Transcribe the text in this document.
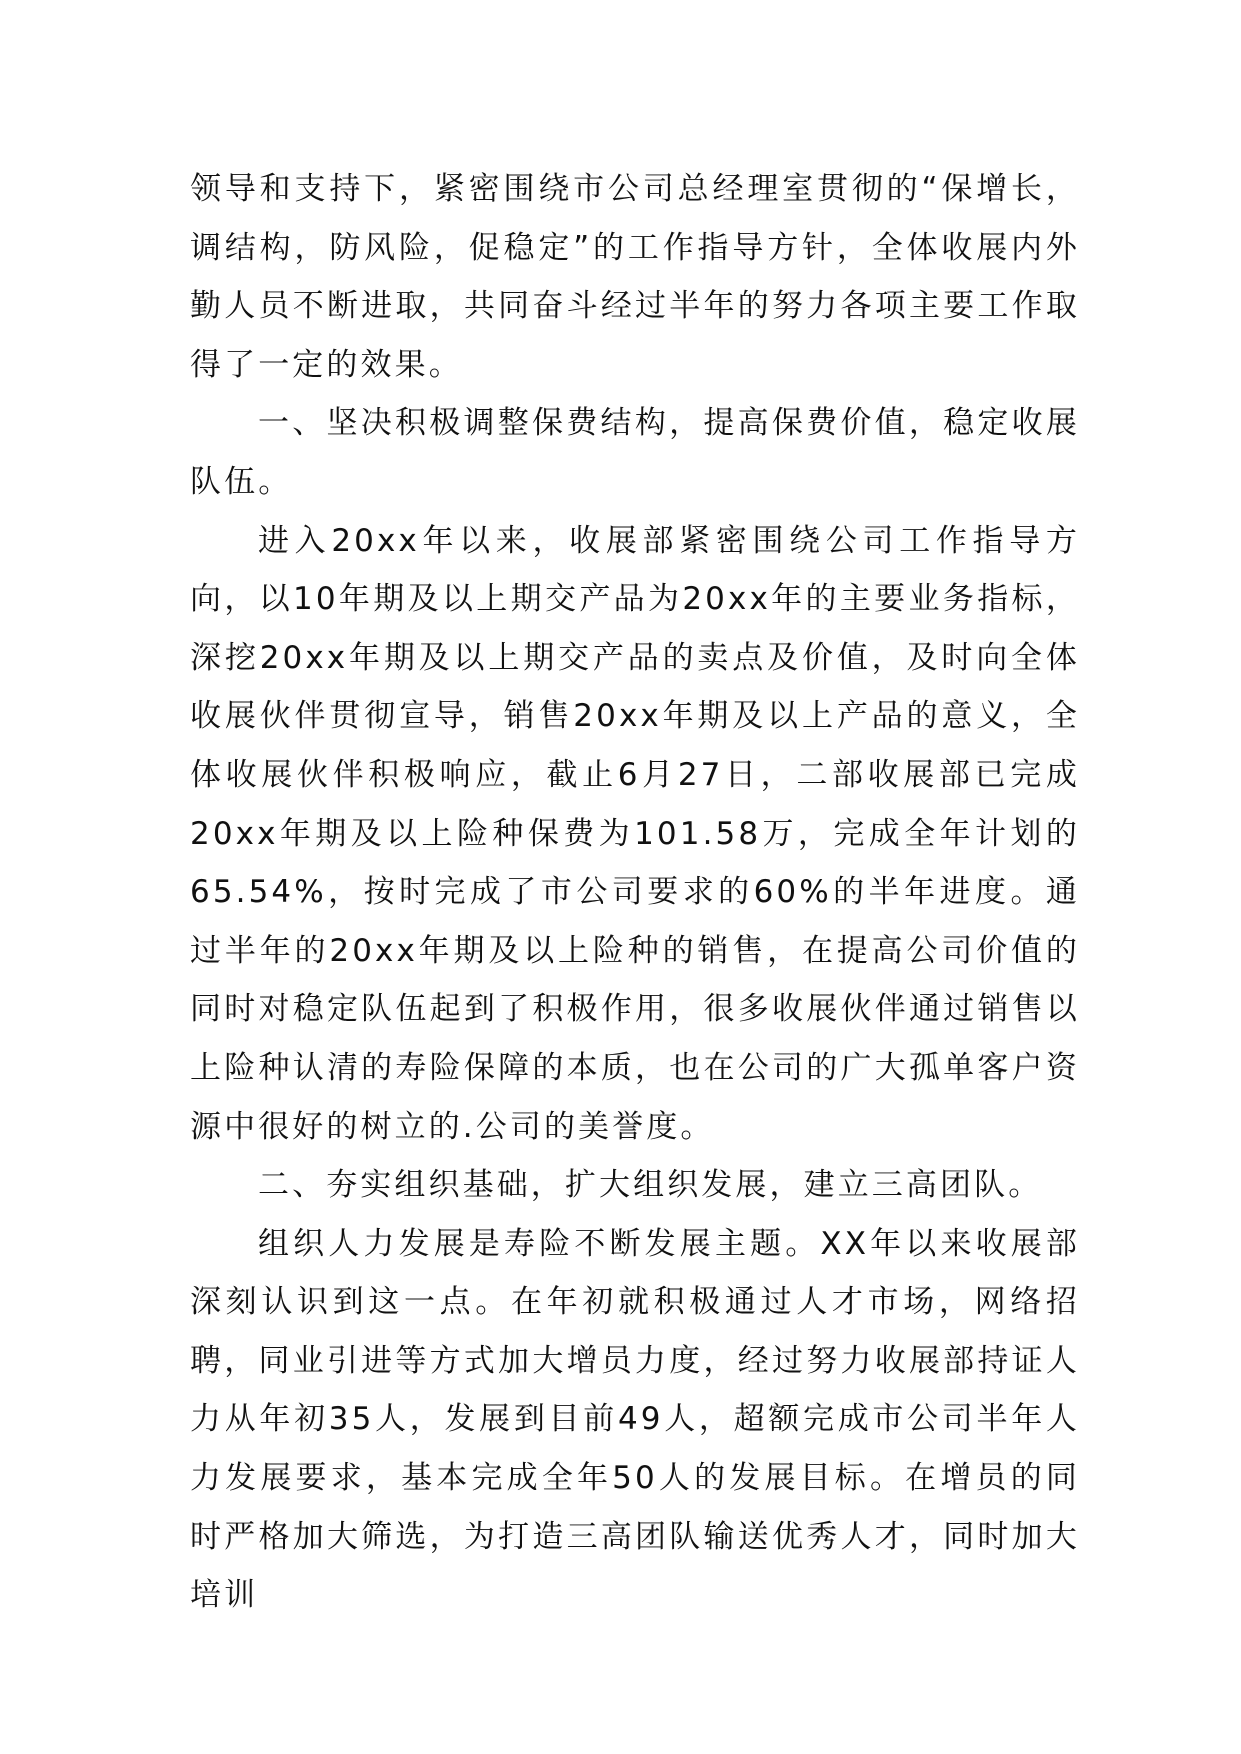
领导和支持下，紧密围绕市公司总经理室贯彻的“保增长，调结构，防风险，促稳定”的工作指导方针，全体收展内外勤人员不断进取，共同奋斗经过半年的努力各项主要工作取得了一定的效果。

一、坚决积极调整保费结构，提高保费价值，稳定收展队伍。

进入20xx年以来，收展部紧密围绕公司工作指导方向，以10年期及以上期交产品为20xx年的主要业务指标，深挖20xx年期及以上期交产品的卖点及价值，及时向全体收展伙伴贯彻宣导，销售20xx年期及以上产品的意义，全体收展伙伴积极响应，截止6月27日，二部收展部已完成20xx年期及以上险种保费为101.58万，完成全年计划的65.54%，按时完成了市公司要求的60%的半年进度。通过半年的20xx年期及以上险种的销售，在提高公司价值的同时对稳定队伍起到了积极作用，很多收展伙伴通过销售以上险种认清的寿险保障的本质，也在公司的广大孤单客户资源中很好的树立的.公司的美誉度。

二、夯实组织基础，扩大组织发展，建立三高团队。

组织人力发展是寿险不断发展主题。XX年以来收展部深刻认识到这一点。在年初就积极通过人才市场，网络招聘，同业引进等方式加大增员力度，经过努力收展部持证人力从年初35人，发展到目前49人，超额完成市公司半年人力发展要求，基本完成全年50人的发展目标。在增员的同时严格加大筛选，为打造三高团队输送优秀人才，同时加大培训
